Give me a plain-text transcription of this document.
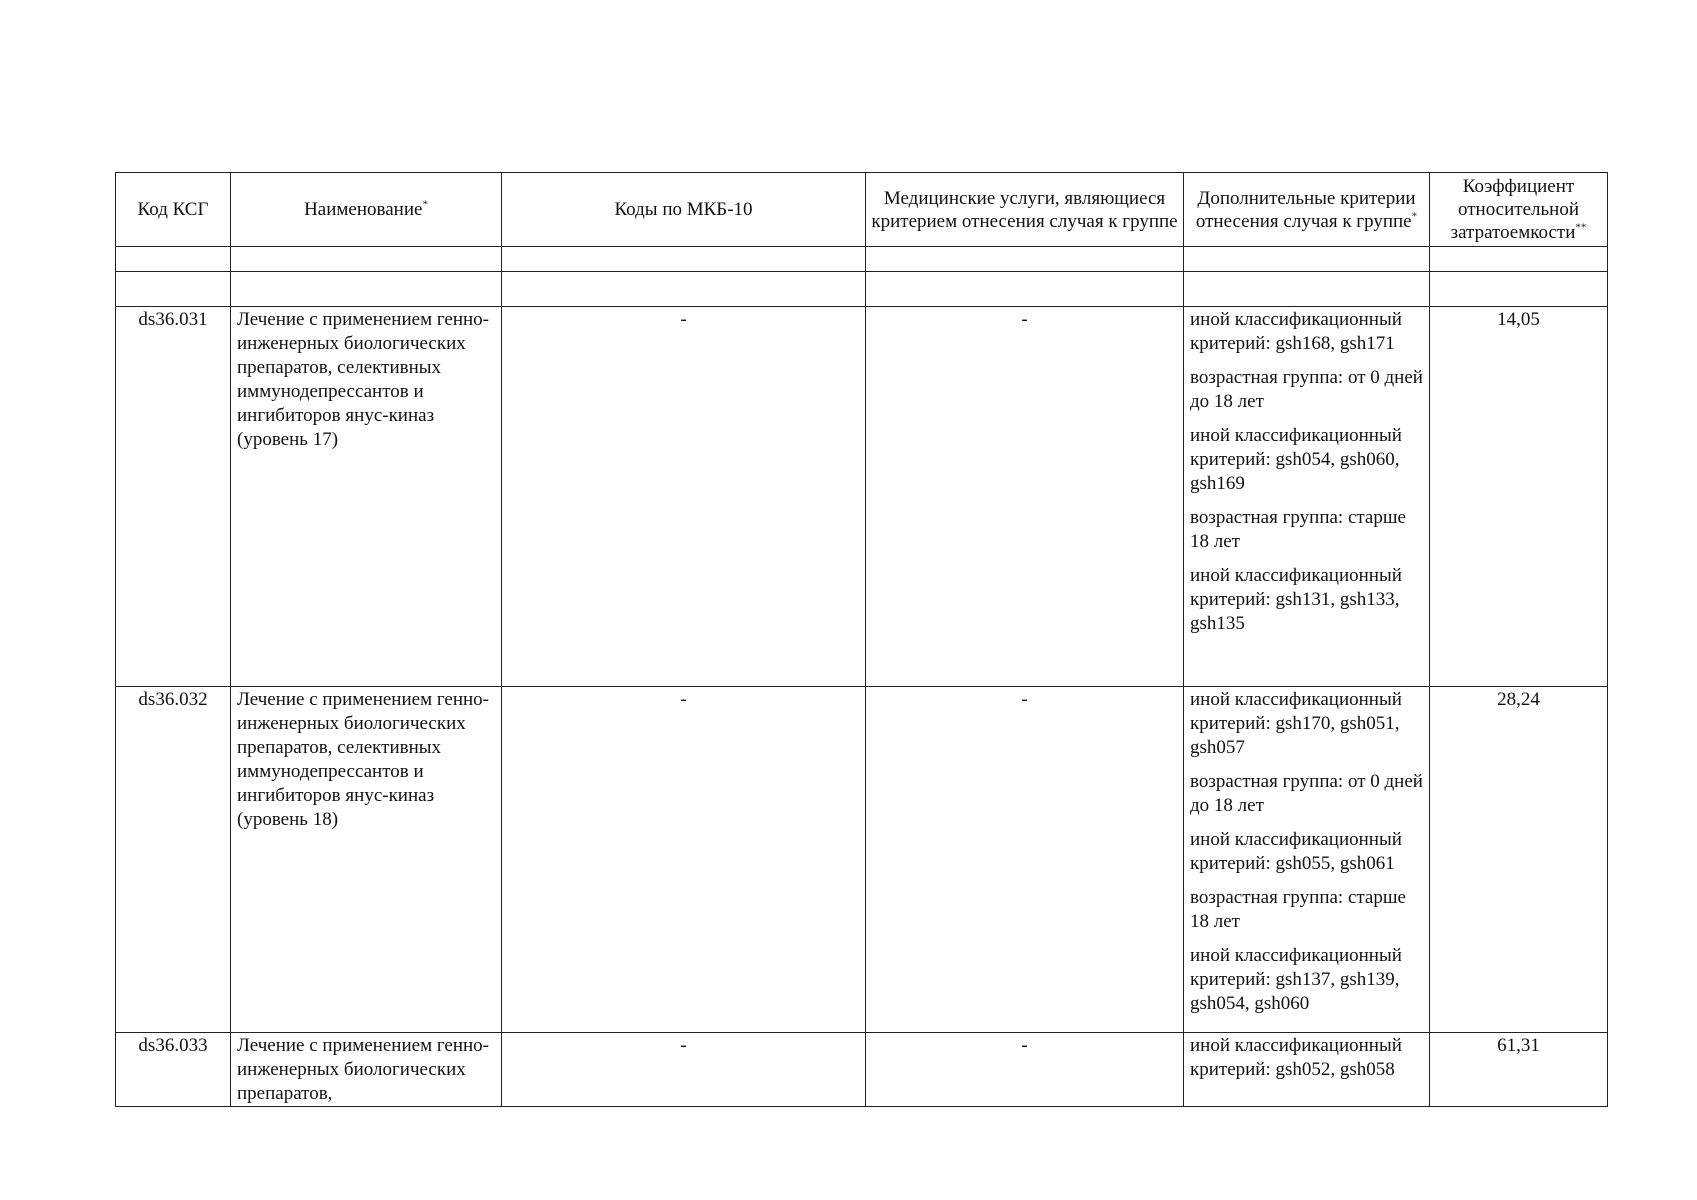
Код КСГ	Наименование*	Коды по МКБ-10	Медицинские услуги, являющиеся критерием отнесения случая к группе	Дополнительные критерии отнесения случая к группе*	Коэффициент относительной затратоемкости**

ds36.031	Лечение с применением генно-инженерных биологических препаратов, селективных иммунодепрессантов и ингибиторов янус-киназ (уровень 17)	-	-	иной классификационный критерий: gsh168, gsh171
возрастная группа: от 0 дней до 18 лет
иной классификационный критерий: gsh054, gsh060, gsh169
возрастная группа: старше 18 лет
иной классификационный критерий: gsh131, gsh133, gsh135	14,05
ds36.032	Лечение с применением генно-инженерных биологических препаратов, селективных иммунодепрессантов и ингибиторов янус-киназ (уровень 18)	-	-	иной классификационный критерий: gsh170, gsh051, gsh057
возрастная группа: от 0 дней до 18 лет
иной классификационный критерий: gsh055, gsh061
возрастная группа: старше 18 лет
иной классификационный критерий: gsh137, gsh139, gsh054, gsh060	28,24
ds36.033	Лечение с применением генно-инженерных биологических препаратов,	-	-	иной классификационный критерий: gsh052, gsh058	61,31
